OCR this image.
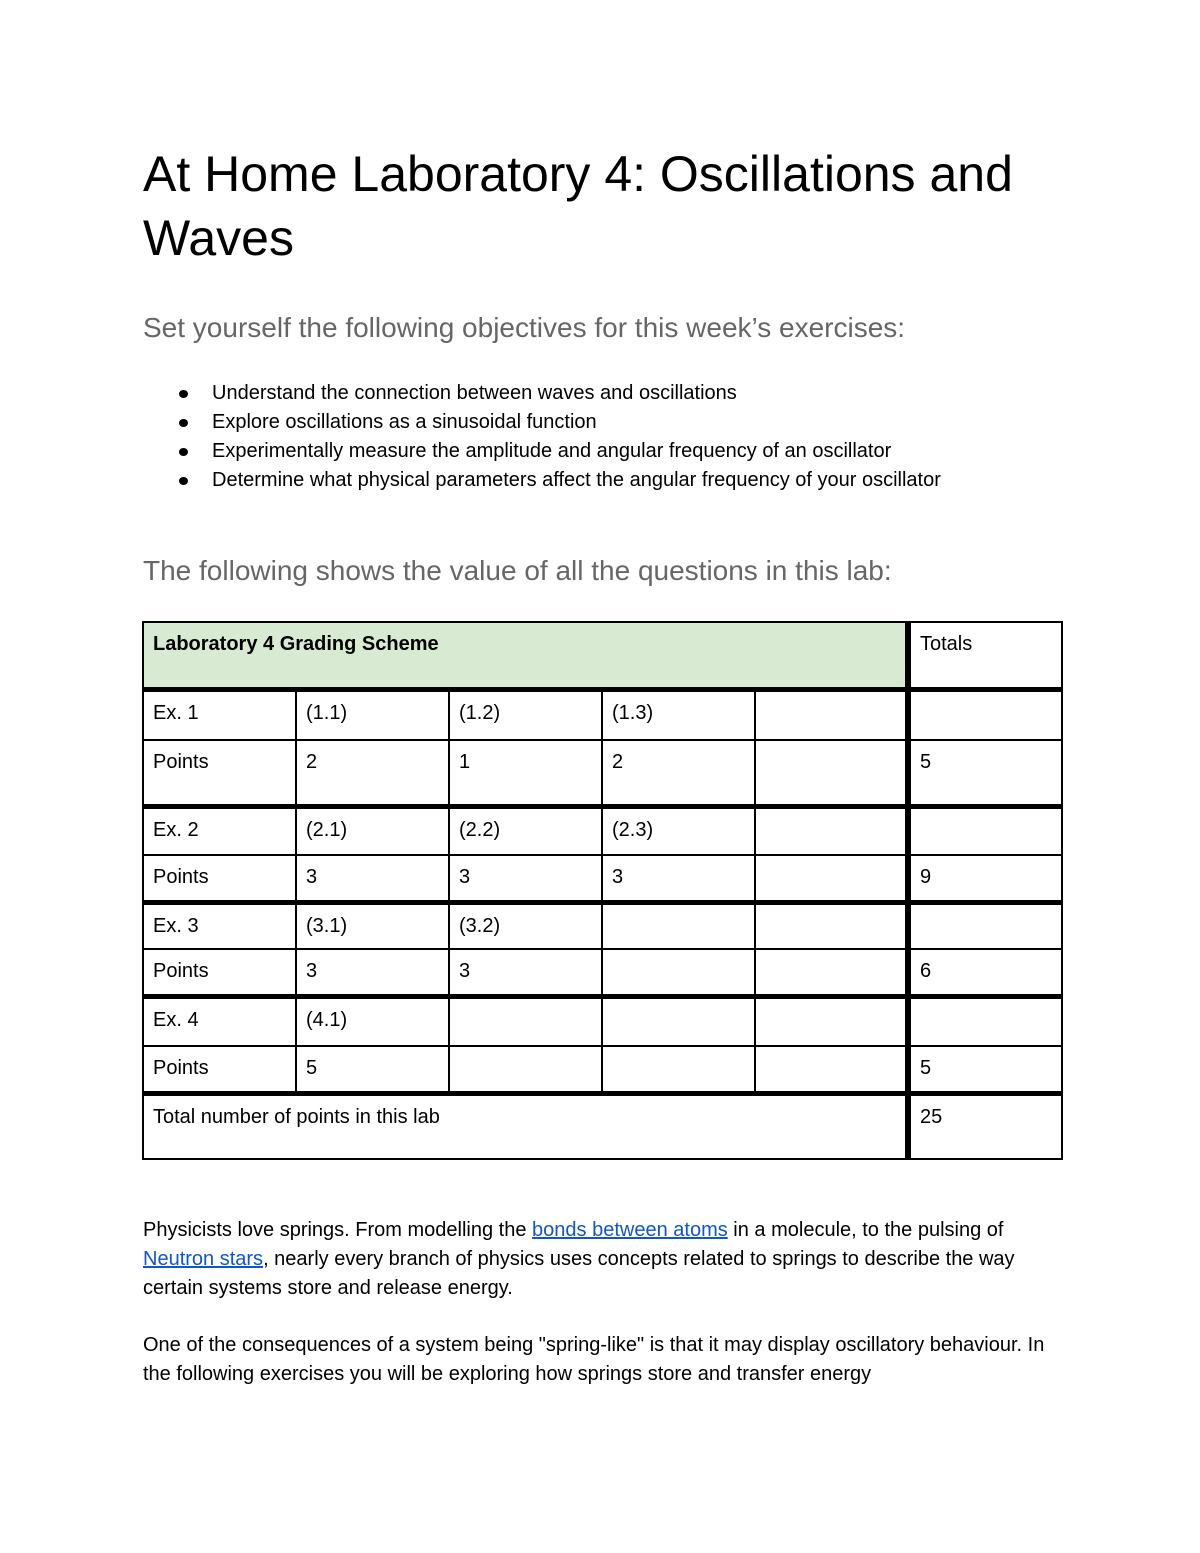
At Home Laboratory 4: Oscillations and Waves
Set yourself the following objectives for this week’s exercises:
Understand the connection between waves and oscillations
Explore oscillations as a sinusoidal function
Experimentally measure the amplitude and angular frequency of an oscillator
Determine what physical parameters affect the angular frequency of your oscillator
The following shows the value of all the questions in this lab:
Laboratory 4 Grading Scheme					Totals
Ex. 1	(1.1)	(1.2)	(1.3)		
Points	2	1	2		5
Ex. 2	(2.1)	(2.2)	(2.3)		
Points	3	3	3		9
Ex. 3	(3.1)	(3.2)			
Points	3	3			6
Ex. 4	(4.1)				
Points	5				5
Total number of points in this lab					25

Physicists love springs. From modelling the bonds between atoms in a molecule, to the pulsing of Neutron stars, nearly every branch of physics uses concepts related to springs to describe the way certain systems store and release energy.

One of the consequences of a system being "spring-like" is that it may display oscillatory behaviour. In the following exercises you will be exploring how springs store and transfer energy
